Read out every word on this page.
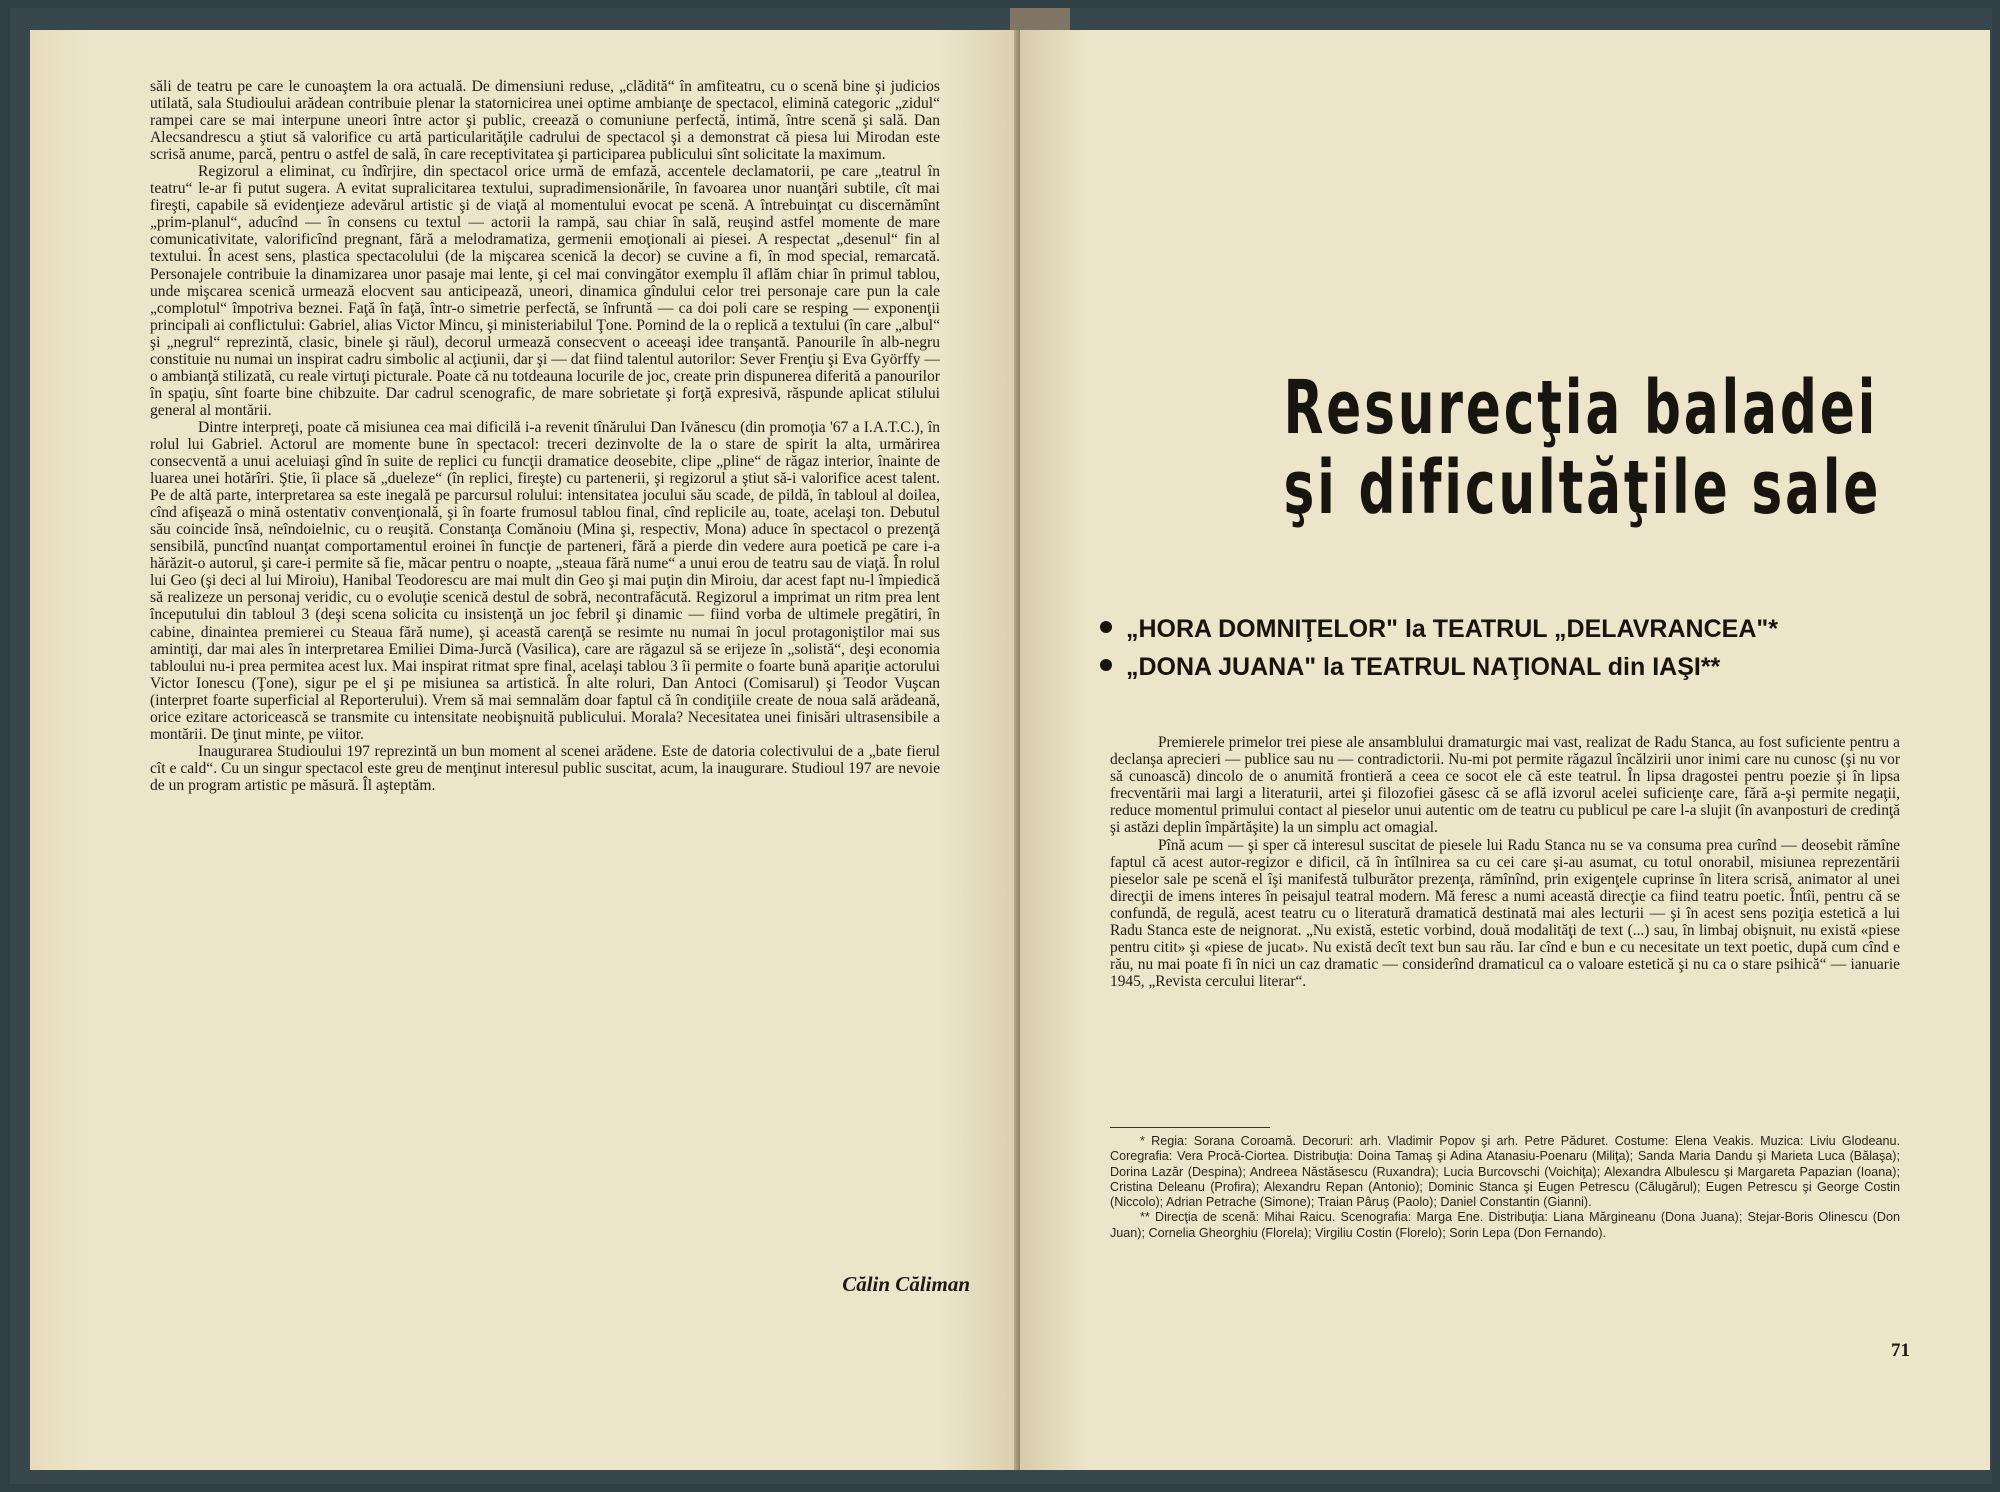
săli de teatru pe care le cunoaştem la ora actuală. De dimensiuni reduse, „clădită“ în amfiteatru, cu o scenă bine şi judicios utilată, sala Studioului arădean contribuie plenar la statornicirea unei optime ambianţe de spectacol, elimină categoric „zidul“ rampei care se mai interpune uneori între actor şi public, creează o comuniune perfectă, intimă, între scenă şi sală. Dan Alecsandrescu a ştiut să valorifice cu artă particularităţile cadrului de spectacol şi a demonstrat că piesa lui Mirodan este scrisă anume, parcă, pentru o astfel de sală, în care receptivitatea şi participarea publicului sînt solicitate la maximum.

Regizorul a eliminat, cu îndîrjire, din spectacol orice urmă de emfază, accentele declamatorii, pe care „teatrul în teatru“ le-ar fi putut sugera. A evitat supralicitarea textului, supradimensionările, în favoarea unor nuanţări subtile, cît mai fireşti, capabile să evidenţieze adevărul artistic şi de viaţă al momentului evocat pe scenă. A întrebuinţat cu discernămînt „prim-planul“, aducînd — în consens cu textul — actorii la rampă, sau chiar în sală, reuşind astfel momente de mare comunicativitate, valorificînd pregnant, fără a melodramatiza, germenii emoţionali ai piesei. A respectat „desenul“ fin al textului. În acest sens, plastica spectacolului (de la mişcarea scenică la decor) se cuvine a fi, în mod special, remarcată. Personajele contribuie la dinamizarea unor pasaje mai lente, şi cel mai convingător exemplu îl aflăm chiar în primul tablou, unde mişcarea scenică urmează elocvent sau anticipează, uneori, dinamica gîndului celor trei personaje care pun la cale „complotul“ împotriva beznei. Faţă în faţă, într-o simetrie perfectă, se înfruntă — ca doi poli care se resping — exponenţii principali ai conflictului: Gabriel, alias Victor Mincu, şi ministeriabilul Ţone. Pornind de la o replică a textului (în care „albul“ şi „negrul“ reprezintă, clasic, binele şi răul), decorul urmează consecvent o aceeaşi idee tranşantă. Panourile în alb-negru constituie nu numai un inspirat cadru simbolic al acţiunii, dar şi — dat fiind talentul autorilor: Sever Frenţiu şi Eva Györffy — o ambianţă stilizată, cu reale virtuţi picturale. Poate că nu totdeauna locurile de joc, create prin dispunerea diferită a panourilor în spaţiu, sînt foarte bine chibzuite. Dar cadrul scenografic, de mare sobrietate şi forţă expresivă, răspunde aplicat stilului general al montării.

Dintre interpreţi, poate că misiunea cea mai dificilă i-a revenit tînărului Dan Ivănescu (din promoţia '67 a I.A.T.C.), în rolul lui Gabriel. Actorul are momente bune în spectacol: treceri dezinvolte de la o stare de spirit la alta, urmărirea consecventă a unui aceluiaşi gînd în suite de replici cu funcţii dramatice deosebite, clipe „pline“ de răgaz interior, înainte de luarea unei hotărîri. Ştie, îi place să „dueleze“ (în replici, fireşte) cu partenerii, şi regizorul a ştiut să-i valorifice acest talent. Pe de altă parte, interpretarea sa este inegală pe parcursul rolului: intensitatea jocului său scade, de pildă, în tabloul al doilea, cînd afişează o mină ostentativ convenţională, şi în foarte frumosul tablou final, cînd replicile au, toate, acelaşi ton. Debutul său coincide însă, neîndoielnic, cu o reuşită. Constanţa Comănoiu (Mina şi, respectiv, Mona) aduce în spectacol o prezenţă sensibilă, punctînd nuanţat comportamentul eroinei în funcţie de parteneri, fără a pierde din vedere aura poetică pe care i-a hărăzit-o autorul, şi care-i permite să fie, măcar pentru o noapte, „steaua fără nume“ a unui erou de teatru sau de viaţă. În rolul lui Geo (şi deci al lui Miroiu), Hanibal Teodorescu are mai mult din Geo şi mai puţin din Miroiu, dar acest fapt nu-l împiedică să realizeze un personaj veridic, cu o evoluţie scenică destul de sobră, necontrafăcută. Regizorul a imprimat un ritm prea lent începutului din tabloul 3 (deşi scena solicita cu insistenţă un joc febril şi dinamic — fiind vorba de ultimele pregătiri, în cabine, dinaintea premierei cu Steaua fără nume), şi această carenţă se resimte nu numai în jocul protagoniştilor mai sus amintiţi, dar mai ales în interpretarea Emiliei Dima-Jurcă (Vasilica), care are răgazul să se erijeze în „solistă“, deşi economia tabloului nu-i prea permitea acest lux. Mai inspirat ritmat spre final, acelaşi tablou 3 îi permite o foarte bună apariţie actorului Victor Ionescu (Ţone), sigur pe el şi pe misiunea sa artistică. În alte roluri, Dan Antoci (Comisarul) şi Teodor Vuşcan (interpret foarte superficial al Reporterului). Vrem să mai semnalăm doar faptul că în condiţiile create de noua sală arădeană, orice ezitare actoricească se transmite cu intensitate neobişnuită publicului. Morala? Necesitatea unei finisări ultrasensibile a montării. De ţinut minte, pe viitor.

Inaugurarea Studioului 197 reprezintă un bun moment al scenei arădene. Este de datoria colectivului de a „bate fierul cît e cald“. Cu un singur spectacol este greu de menţinut interesul public suscitat, acum, la inaugurare. Studioul 197 are nevoie de un program artistic pe măsură. Îl aşteptăm.

Călin Căliman
Resurecţia baladei
şi dificultăţile sale
„HORA DOMNIŢELOR" la TEATRUL „DELAVRANCEA"*
„DONA JUANA" la TEATRUL NAŢIONAL din IAŞI**

Premierele primelor trei piese ale ansamblului dramaturgic mai vast, realizat de Radu Stanca, au fost suficiente pentru a declanşa aprecieri — publice sau nu — contradictorii. Nu-mi pot permite răgazul încălzirii unor inimi care nu cunosc (şi nu vor să cunoască) dincolo de o anumită frontieră a ceea ce socot ele că este teatrul. În lipsa dragostei pentru poezie şi în lipsa frecventării mai largi a literaturii, artei şi filozofiei găsesc că se află izvorul acelei suficienţe care, fără a-şi permite negaţii, reduce momentul primului contact al pieselor unui autentic om de teatru cu publicul pe care l-a slujit (în avanposturi de credinţă şi astăzi deplin împărtăşite) la un simplu act omagial.

Pînă acum — şi sper că interesul suscitat de piesele lui Radu Stanca nu se va consuma prea curînd — deosebit rămîne faptul că acest autor-regizor e dificil, că în întîlnirea sa cu cei care şi-au asumat, cu totul onorabil, misiunea reprezentării pieselor sale pe scenă el îşi manifestă tulburător prezenţa, rămînînd, prin exigenţele cuprinse în litera scrisă, animator al unei direcţii de imens interes în peisajul teatral modern. Mă feresc a numi această direcţie ca fiind teatru poetic. Întîi, pentru că se confundă, de regulă, acest teatru cu o literatură dramatică destinată mai ales lecturii — şi în acest sens poziţia estetică a lui Radu Stanca este de neignorat. „Nu există, estetic vorbind, două modalităţi de text (...) sau, în limbaj obişnuit, nu există «piese pentru citit» şi «piese de jucat». Nu există decît text bun sau rău. Iar cînd e bun e cu necesitate un text poetic, după cum cînd e rău, nu mai poate fi în nici un caz dramatic — considerînd dramaticul ca o valoare estetică şi nu ca o stare psihică“ — ianuarie 1945, „Revista cercului literar“.

* Regia: Sorana Coroamă. Decoruri: arh. Vladimir Popov şi arh. Petre Păduret. Costume: Elena Veakis. Muzica: Liviu Glodeanu. Coregrafia: Vera Procă-Ciortea. Distribuţia: Doina Tamaş şi Adina Atanasiu-Poenaru (Miliţa); Sanda Maria Dandu şi Marieta Luca (Bălaşa); Dorina Lazăr (Despina); Andreea Năstăsescu (Ruxandra); Lucia Burcovschi (Voichiţa); Alexandra Albulescu şi Margareta Papazian (Ioana); Cristina Deleanu (Profira); Alexandru Repan (Antonio); Dominic Stanca şi Eugen Petrescu (Călugărul); Eugen Petrescu şi George Costin (Niccolo); Adrian Petrache (Simone); Traian Pâruş (Paolo); Daniel Constantin (Gianni).

** Direcţia de scenă: Mihai Raicu. Scenografia: Marga Ene. Distribuţia: Liana Mărgineanu (Dona Juana); Stejar-Boris Olinescu (Don Juan); Cornelia Gheorghiu (Florela); Virgiliu Costin (Florelo); Sorin Lepa (Don Fernando).

71
